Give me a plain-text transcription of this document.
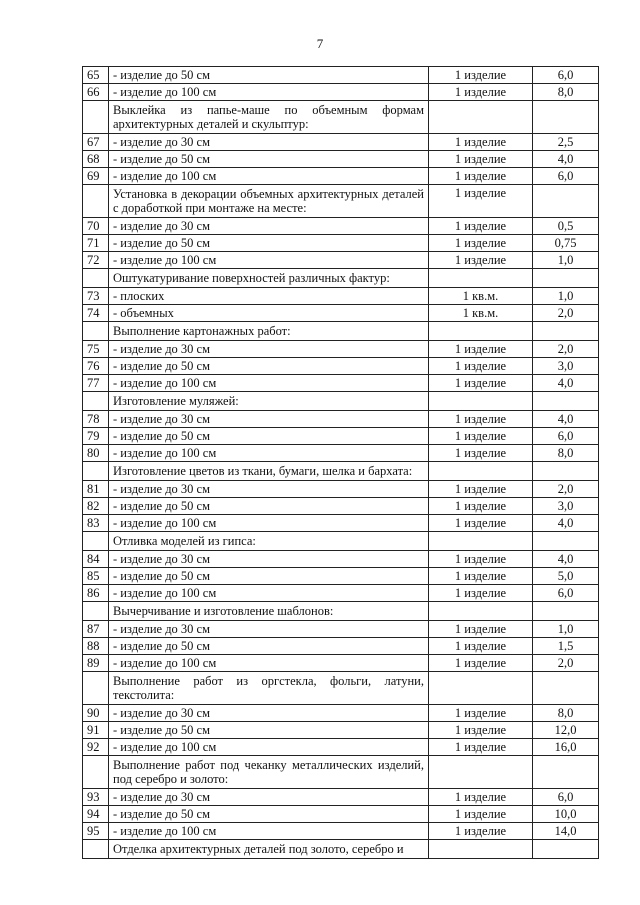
7
65	- изделие до 50 см	1 изделие	6,0
66	- изделие до 100 см	1 изделие	8,0
	Выклейка из папье-маше по объемным формам архитектурных деталей и скульптур:		
67	- изделие до 30 см	1 изделие	2,5
68	- изделие до 50 см	1 изделие	4,0
69	- изделие до 100 см	1 изделие	6,0
	Установка в декорации объемных архитектурных деталей с доработкой при монтаже на месте:	1 изделие	
70	- изделие до 30 см	1 изделие	0,5
71	- изделие до 50 см	1 изделие	0,75
72	- изделие до 100 см	1 изделие	1,0
	Оштукатуривание поверхностей различных фактур:		
73	- плоских	1 кв.м.	1,0
74	- объемных	1 кв.м.	2,0
	Выполнение картонажных работ:		
75	- изделие до 30 см	1 изделие	2,0
76	- изделие до 50 см	1 изделие	3,0
77	- изделие до 100 см	1 изделие	4,0
	Изготовление муляжей:		
78	- изделие до 30 см	1 изделие	4,0
79	- изделие до 50 см	1 изделие	6,0
80	- изделие до 100 см	1 изделие	8,0
	Изготовление цветов из ткани, бумаги, шелка и бархата:		
81	- изделие до 30 см	1 изделие	2,0
82	- изделие до 50 см	1 изделие	3,0
83	- изделие до 100 см	1 изделие	4,0
	Отливка моделей из гипса:		
84	- изделие до 30 см	1 изделие	4,0
85	- изделие до 50 см	1 изделие	5,0
86	- изделие до 100 см	1 изделие	6,0
	Вычерчивание и изготовление шаблонов:		
87	- изделие до 30 см	1 изделие	1,0
88	- изделие до 50 см	1 изделие	1,5
89	- изделие до 100 см	1 изделие	2,0
	Выполнение работ из оргстекла, фольги, латуни, текстолита:		
90	- изделие до 30 см	1 изделие	8,0
91	- изделие до 50 см	1 изделие	12,0
92	- изделие до 100 см	1 изделие	16,0
	Выполнение работ под чеканку металлических изделий, под серебро и золото:		
93	- изделие до 30 см	1 изделие	6,0
94	- изделие до 50 см	1 изделие	10,0
95	- изделие до 100 см	1 изделие	14,0
	Отделка архитектурных деталей под золото, серебро и		
